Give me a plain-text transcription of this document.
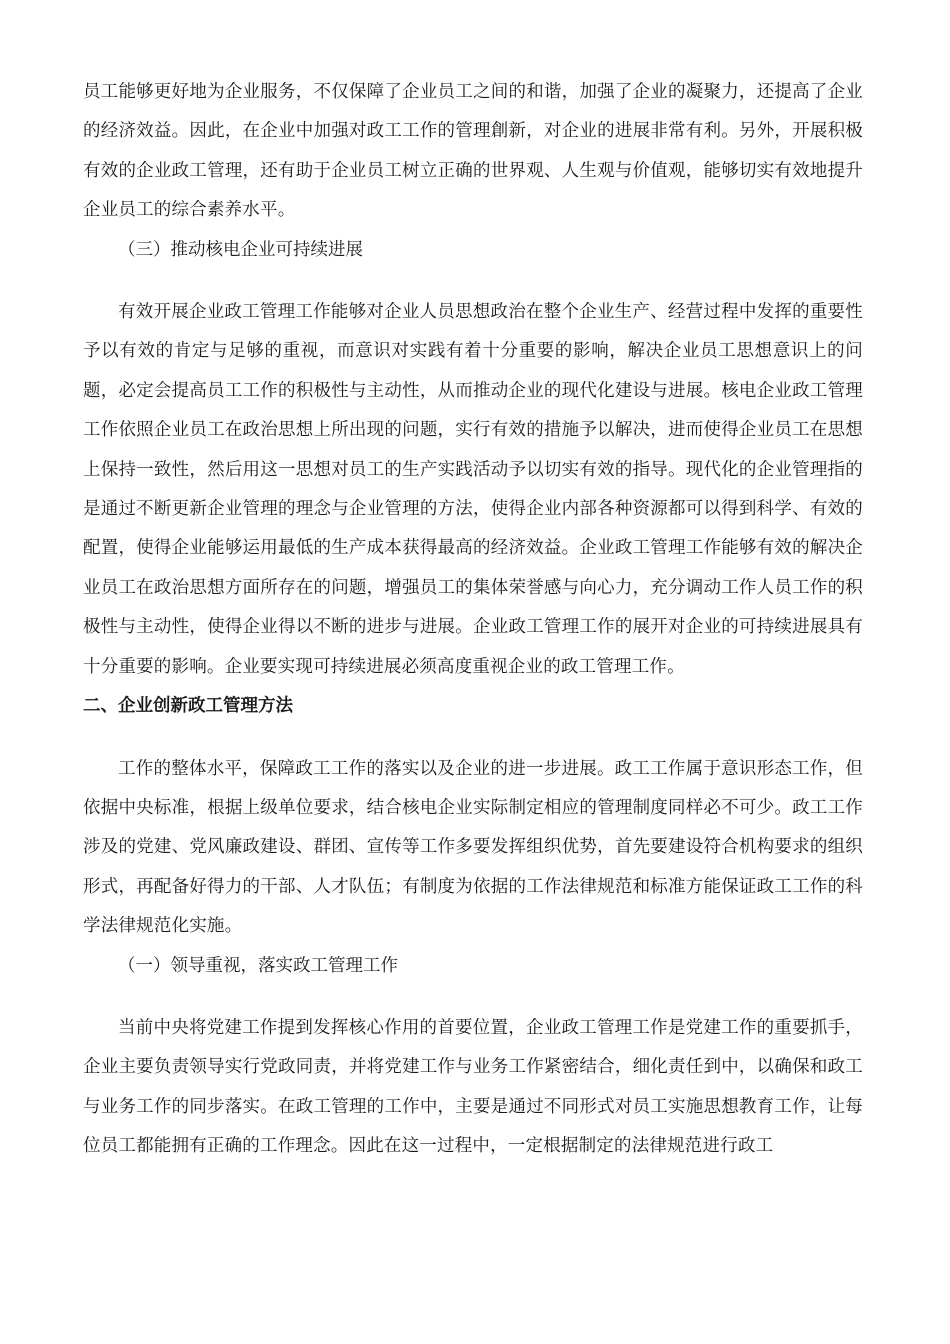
员工能够更好地为企业服务，不仅保障了企业员工之间的和谐，加强了企业的凝聚力，还提高了企业的经济效益。因此，在企业中加强对政工工作的管理創新，对企业的进展非常有利。另外，开展积极有效的企业政工管理，还有助于企业员工树立正确的世界观、人生观与价值观，能够切实有效地提升企业员工的综合素养水平。

（三）推动核电企业可持续进展

有效开展企业政工管理工作能够对企业人员思想政治在整个企业生产、经营过程中发挥的重要性予以有效的肯定与足够的重视，而意识对实践有着十分重要的影响，解决企业员工思想意识上的问题，必定会提高员工工作的积极性与主动性，从而推动企业的现代化建设与进展。核电企业政工管理工作依照企业员工在政治思想上所出现的问题，实行有效的措施予以解决，进而使得企业员工在思想上保持一致性，然后用这一思想对员工的生产实践活动予以切实有效的指导。现代化的企业管理指的是通过不断更新企业管理的理念与企业管理的方法，使得企业内部各种资源都可以得到科学、有效的配置，使得企业能够运用最低的生产成本获得最高的经济效益。企业政工管理工作能够有效的解决企业员工在政治思想方面所存在的问题，增强员工的集体荣誉感与向心力，充分调动工作人员工作的积极性与主动性，使得企业得以不断的进步与进展。企业政工管理工作的展开对企业的可持续进展具有十分重要的影响。企业要实现可持续进展必须高度重视企业的政工管理工作。

二、企业创新政工管理方法

工作的整体水平，保障政工工作的落实以及企业的进一步进展。政工工作属于意识形态工作，但依据中央标准，根据上级单位要求，结合核电企业实际制定相应的管理制度同样必不可少。政工工作涉及的党建、党风廉政建设、群团、宣传等工作多要发挥组织优势，首先要建设符合机构要求的组织形式，再配备好得力的干部、人才队伍；有制度为依据的工作法律规范和标准方能保证政工工作的科学法律规范化实施。

（一）领导重视，落实政工管理工作

当前中央将党建工作提到发挥核心作用的首要位置，企业政工管理工作是党建工作的重要抓手，企业主要负责领导实行党政同责，并将党建工作与业务工作紧密结合，细化责任到中，以确保和政工与业务工作的同步落实。在政工管理的工作中，主要是通过不同形式对员工实施思想教育工作，让每位员工都能拥有正确的工作理念。因此在这一过程中，一定根据制定的法律规范进行政工
